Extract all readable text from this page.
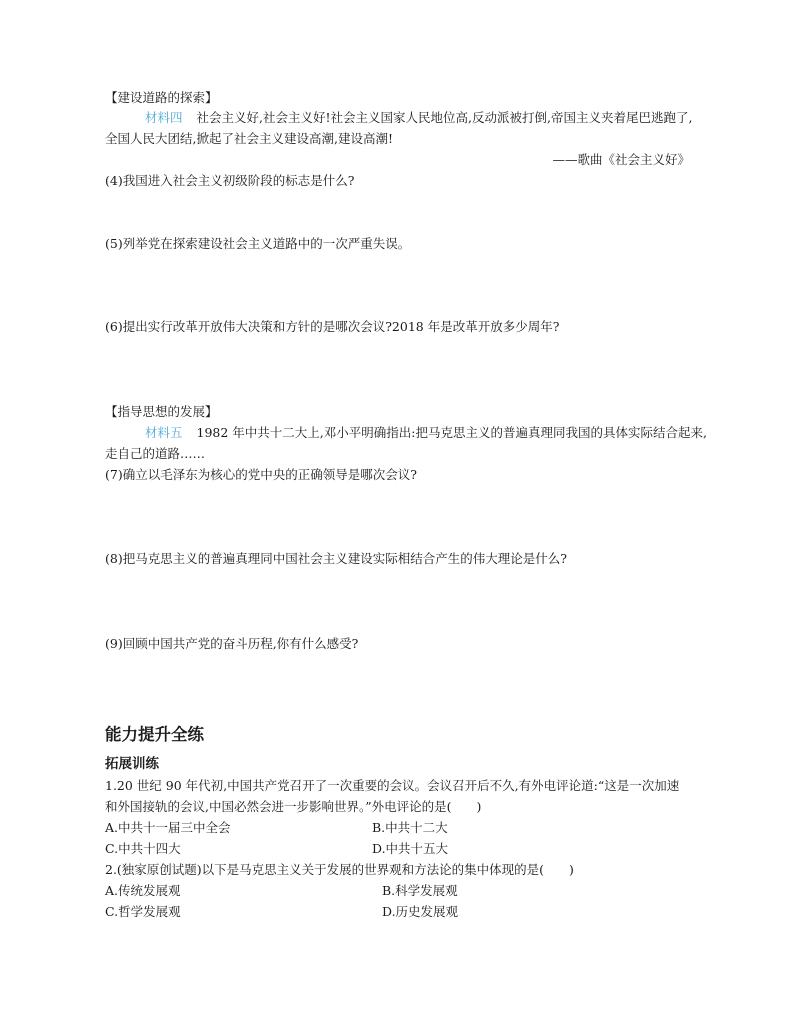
【建设道路的探索】
材料四 社会主义好,社会主义好!社会主义国家人民地位高,反动派被打倒,帝国主义夹着尾巴逃跑了,
全国人民大团结,掀起了社会主义建设高潮,建设高潮!
——歌曲《社会主义好》
(4)我国进入社会主义初级阶段的标志是什么?
(5)列举党在探索建设社会主义道路中的一次严重失误。
(6)提出实行改革开放伟大决策和方针的是哪次会议?2018 年是改革开放多少周年?
【指导思想的发展】
材料五 1982 年中共十二大上,邓小平明确指出:把马克思主义的普遍真理同我国的具体实际结合起来,
走自己的道路……
(7)确立以毛泽东为核心的党中央的正确领导是哪次会议?
(8)把马克思主义的普遍真理同中国社会主义建设实际相结合产生的伟大理论是什么?
(9)回顾中国共产党的奋斗历程,你有什么感受?
能力提升全练
拓展训练
1.20 世纪 90 年代初,中国共产党召开了一次重要的会议。会议召开后不久,有外电评论道:“这是一次加速
和外国接轨的会议,中国必然会进一步影响世界。”外电评论的是(　　)
A.中共十一届三中全会	B.中共十二大
C.中共十四大	D.中共十五大
2.(独家原创试题)以下是马克思主义关于发展的世界观和方法论的集中体现的是(　　)
A.传统发展观	B.科学发展观
C.哲学发展观	D.历史发展观
